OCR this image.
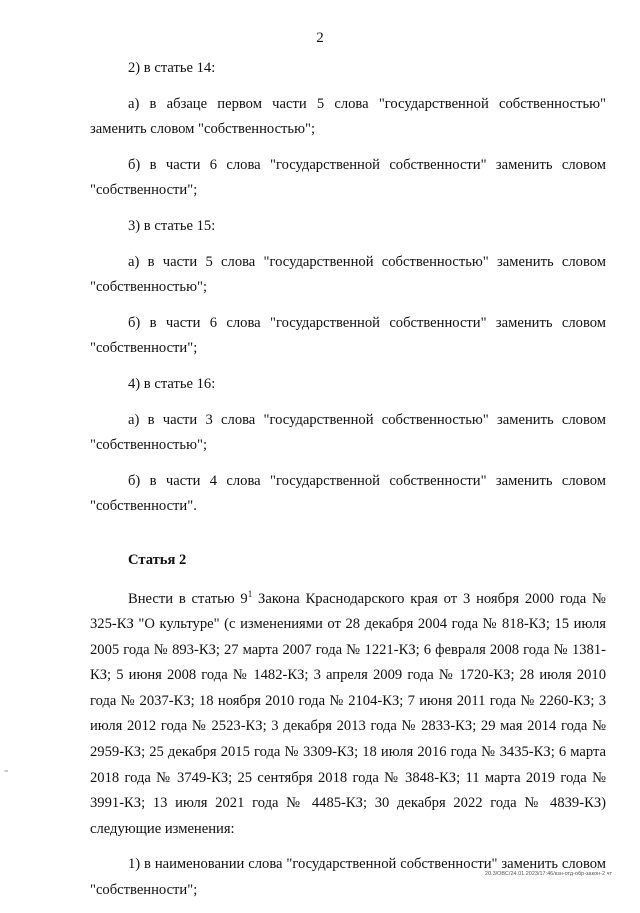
2

2) в статье 14:

а) в абзаце первом части 5 слова "государственной собственностью" заменить словом "собственностью";

б) в части 6 слова "государственной собственности" заменить словом "собственности";

3) в статье 15:

а) в части 5 слова "государственной собственностью" заменить словом "собственностью";

б) в части 6 слова "государственной собственности" заменить словом "собственности";

4) в статье 16:

а) в части 3 слова "государственной собственностью" заменить словом "собственностью";

б) в части 4 слова "государственной собственности" заменить словом "собственности".

Статья 2

Внести в статью $9^1$ Закона Краснодарского края от 3 ноября 2000 года № 325-КЗ "О культуре" (с изменениями от 28 декабря 2004 года № 818-КЗ; 15 июля 2005 года № 893-КЗ; 27 марта 2007 года № 1221-КЗ; 6 февраля 2008 года № 1381-КЗ; 5 июня 2008 года № 1482-КЗ; 3 апреля 2009 года № 1720-КЗ; 28 июля 2010 года № 2037-КЗ; 18 ноября 2010 года № 2104-КЗ; 7 июня 2011 года № 2260-КЗ; 3 июля 2012 года № 2523-КЗ; 3 декабря 2013 года № 2833-КЗ; 29 мая 2014 года № 2959-КЗ; 25 декабря 2015 года № 3309-КЗ; 18 июля 2016 года № 3435-КЗ; 6 марта 2018 года № 3749-КЗ; 25 сентября 2018 года № 3848-КЗ; 11 марта 2019 года № 3991-КЗ; 13 июля 2021 года № 4485-КЗ; 30 декабря 2022 года № 4839-КЗ) следующие изменения:

1) в наименовании слова "государственной собственности" заменить словом "собственности";

ii
20.3/ОВС/24.01.2023/17:46/кзн-отд-обр-закон-2 чт
